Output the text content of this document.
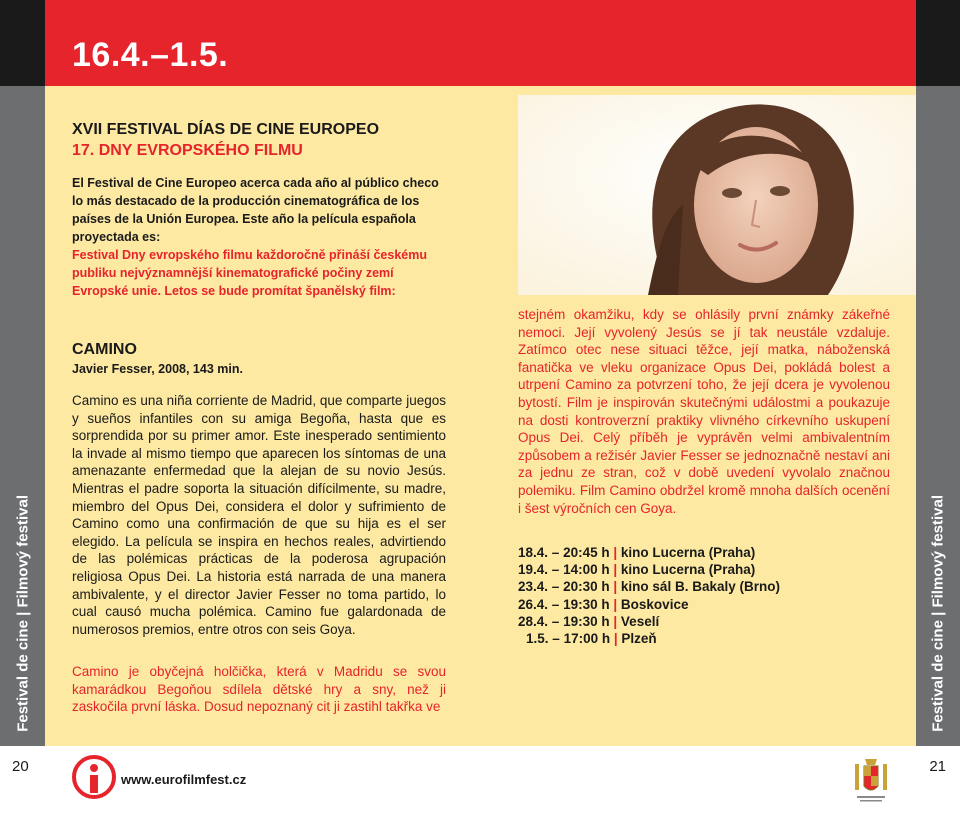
16.4.–1.5.
Festival de cine | Filmový festival	Festival de cine | Filmový festival
XVII FESTIVAL DÍAS DE CINE EUROPEO
17. DNY EVROPSKÉHO FILMU
El Festival de Cine Europeo acerca cada año al público checo lo más destacado de la producción cinematográfica de los países de la Unión Europea. Este año la película española proyectada es:
Festival Dny evropského filmu každoročně přináší českému publiku nejvýznamnější kinematografické počiny zemí Evropské unie. Letos se bude promítat španělský film:
CAMINO
Javier Fesser, 2008, 143 min.
Camino es una niña corriente de Madrid, que comparte juegos y sueños infantiles con su amiga Begoña, hasta que es sorprendida por su primer amor. Este inesperado sentimiento la invade al mismo tiempo que aparecen los síntomas de una amenazante enfermedad que la alejan de su novio Jesús. Mientras el padre soporta la situación difícilmente, su madre, miembro del Opus Dei, considera el dolor y sufrimiento de Camino como una confirmación de que su hija es el ser elegido. La película se inspira en hechos reales, advirtiendo de las polémicas prácticas de la poderosa agrupación religiosa Opus Dei. La historia está narrada de una manera ambivalente, y el director Javier Fesser no toma partido, lo cual causó mucha polémica. Camino fue galardonada de numerosos premios, entre otros con seis Goya.
Camino je obyčejná holčička, která v Madridu se svou kamarádkou Begoňou sdílela dětské hry a sny, než ji zaskočila první láska. Dosud nepoznaný cit ji zastihl takřka ve
stejném okamžiku, kdy se ohlásily první známky zákeřné nemoci. Její vyvolený Jesús se jí tak neustále vzdaluje. Zatímco otec nese situaci těžce, její matka, náboženská fanatička ve vleku organizace Opus Dei, pokládá bolest a utrpení Camino za potvrzení toho, že její dcera je vyvolenou bytostí. Film je inspirován skutečnými událostmi a poukazuje na dosti kontroverzní praktiky vlivného církevního uskupení Opus Dei. Celý příběh je vyprávěn velmi ambivalentním způsobem a režisér Javier Fesser se jednoznačně nestaví ani za jednu ze stran, což v době uvedení vyvolalo značnou polemiku. Film Camino obdržel kromě mnoha dalších ocenění i šest výročních cen Goya.
18.4. – 20:45 h | kino Lucerna (Praha)
19.4. – 14:00 h | kino Lucerna (Praha)
23.4. – 20:30 h | kino sál B. Bakaly (Brno)
26.4. – 19:30 h | Boskovice
28.4. – 19:30 h | Veselí
1.5. – 17:00 h | Plzeň
20	21
www.eurofilmfest.cz
